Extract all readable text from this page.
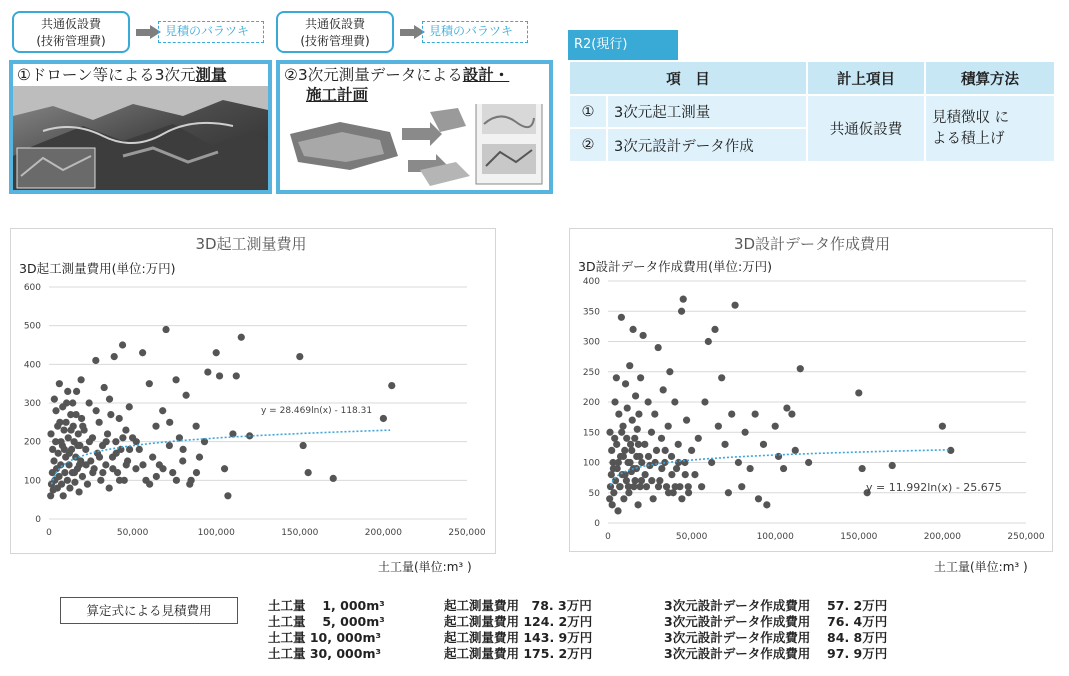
共通仮設費
(技術管理費)
見積のバラツキ	共通仮設費
(技術管理費)
見積のバラツキ
①ドローン等による3次元測量	②3次元測量データによる設計・
施工計画
R2(現行)
項　目		計上項目	積算方法
①	3次元起工測量	共通仮設費	見積徴収 に
よる積上げ

②	3次元設計データ作成		
3D起工測量費用
3D起工測量費用(単位:万円)
0
100
200
300
400
500
600
0	50,000	100,000	150,000	200,000	250,000
y = 28.469ln(x) - 118.31
土工量(単位:m³ )
3D設計データ作成費用
3D設計データ作成費用(単位:万円)
0
50
100
150
200
250
300
350
400
0	50,000	100,000	150,000	200,000	250,000
y = 11.992ln(x) - 25.675
土工量(単位:m³ )
算定式による見積費用	土工量　 1, 000m³	起工測量費用　78. 3万円	3次元設計データ作成費用　 57. 2万円
土工量　 5, 000m³	起工測量費用 124. 2万円	3次元設計データ作成費用　 76. 4万円
土工量 10, 000m³	起工測量費用 143. 9万円	3次元設計データ作成費用　 84. 8万円
土工量 30, 000m³	起工測量費用 175. 2万円	3次元設計データ作成費用　 97. 9万円
